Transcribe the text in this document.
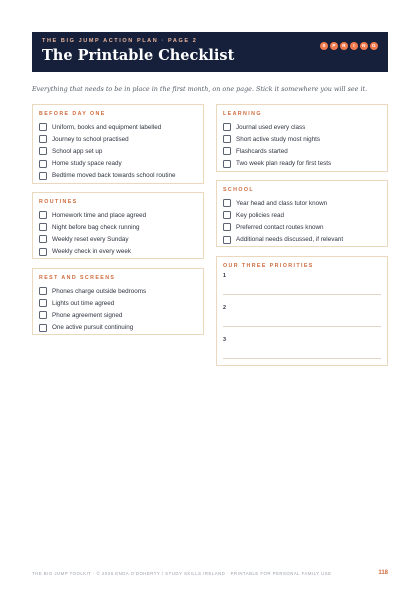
THE BIG JUMP ACTION PLAN · PAGE 2
The Printable Checklist
S	P	R	I	N	G
Everything that needs to be in place in the first month, on one page. Stick it somewhere you will see it.
BEFORE DAY ONE
Uniform, books and equipment labelled
Journey to school practised
School app set up
Home study space ready
Bedtime moved back towards school routine
ROUTINES
Homework time and place agreed
Night before bag check running
Weekly reset every Sunday
Weekly check in every week
REST AND SCREENS
Phones charge outside bedrooms
Lights out time agreed
Phone agreement signed
One active pursuit continuing
LEARNING
Journal used every class
Short active study most nights
Flashcards started
Two week plan ready for first tests
SCHOOL
Year head and class tutor known
Key policies read
Preferred contact routes known
Additional needs discussed, if relevant
OUR THREE PRIORITIES
1
2
3
THE BIG JUMP TOOLKIT · © 2026 ENDA O'DOHERTY / STUDY SKILLS IRELAND · PRINTABLE FOR PERSONAL FAMILY USE	118
